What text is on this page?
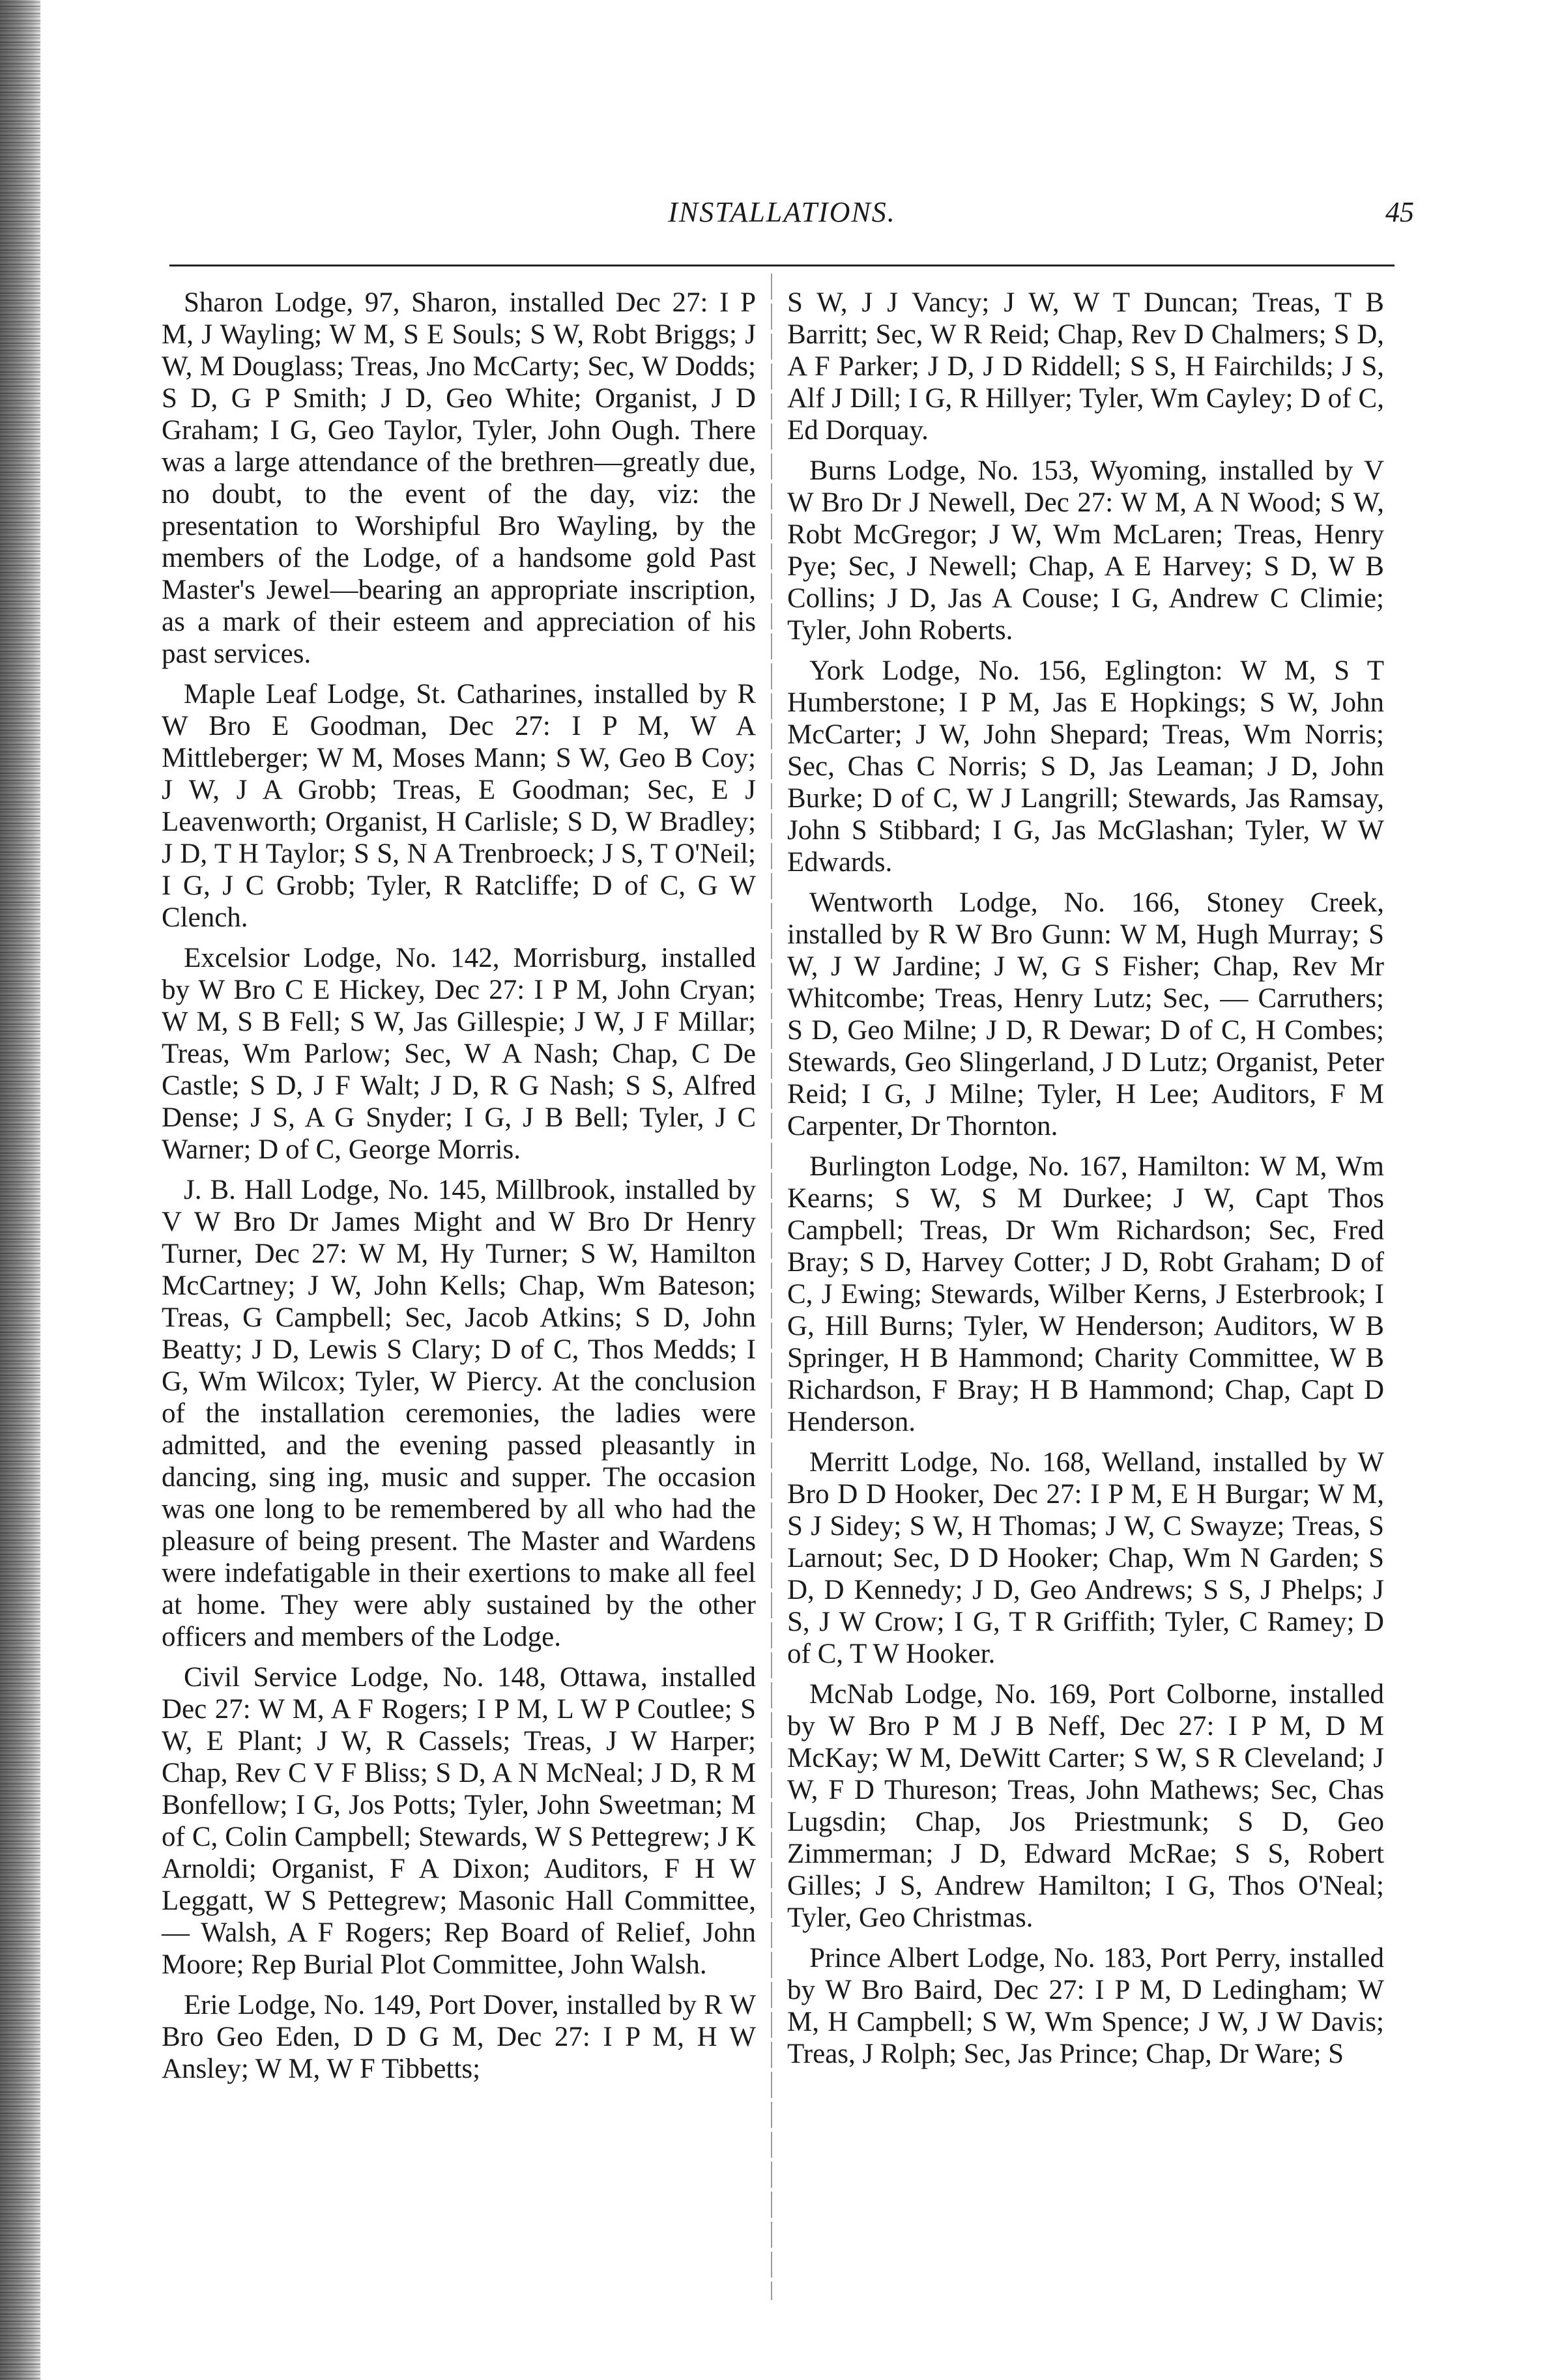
INSTALLATIONS.	45

Sharon Lodge, 97, Sharon, installed Dec 27: I P M, J Wayling; W M, S E Souls; S W, Robt Briggs; J W, M Douglass; Treas, Jno McCarty; Sec, W Dodds; S D, G P Smith; J D, Geo White; Organist, J D Graham; I G, Geo Taylor, Tyler, John Ough. There was a large attendance of the brethren—greatly due, no doubt, to the event of the day, viz: the presentation to Worshipful Bro Wayling, by the members of the Lodge, of a handsome gold Past Master's Jewel—bearing an appropriate inscription, as a mark of their esteem and appreciation of his past services.

Maple Leaf Lodge, St. Catharines, installed by R W Bro E Goodman, Dec 27: I P M, W A Mittleberger; W M, Moses Mann; S W, Geo B Coy; J W, J A Grobb; Treas, E Goodman; Sec, E J Leavenworth; Organist, H Carlisle; S D, W Bradley; J D, T H Taylor; S S, N A Trenbroeck; J S, T O'Neil; I G, J C Grobb; Tyler, R Ratcliffe; D of C, G W Clench.

Excelsior Lodge, No. 142, Morrisburg, installed by W Bro C E Hickey, Dec 27: I P M, John Cryan; W M, S B Fell; S W, Jas Gillespie; J W, J F Millar; Treas, Wm Parlow; Sec, W A Nash; Chap, C De Castle; S D, J F Walt; J D, R G Nash; S S, Alfred Dense; J S, A G Snyder; I G, J B Bell; Tyler, J C Warner; D of C, George Morris.

J. B. Hall Lodge, No. 145, Millbrook, installed by V W Bro Dr James Might and W Bro Dr Henry Turner, Dec 27: W M, Hy Turner; S W, Hamilton McCartney; J W, John Kells; Chap, Wm Bateson; Treas, G Campbell; Sec, Jacob Atkins; S D, John Beatty; J D, Lewis S Clary; D of C, Thos Medds; I G, Wm Wilcox; Tyler, W Piercy. At the conclusion of the installation ceremonies, the ladies were admitted, and the evening passed pleasantly in dancing, sing ing, music and supper. The occasion was one long to be remembered by all who had the pleasure of being present. The Master and Wardens were indefatigable in their exertions to make all feel at home. They were ably sustained by the other officers and members of the Lodge.

Civil Service Lodge, No. 148, Ottawa, installed Dec 27: W M, A F Rogers; I P M, L W P Coutlee; S W, E Plant; J W, R Cassels; Treas, J W Harper; Chap, Rev C V F Bliss; S D, A N McNeal; J D, R M Bonfellow; I G, Jos Potts; Tyler, John Sweetman; M of C, Colin Campbell; Stewards, W S Pettegrew; J K Arnoldi; Organist, F A Dixon; Auditors, F H W Leggatt, W S Pettegrew; Masonic Hall Committee, — Walsh, A F Rogers; Rep Board of Relief, John Moore; Rep Burial Plot Committee, John Walsh.

Erie Lodge, No. 149, Port Dover, installed by R W Bro Geo Eden, D D G M, Dec 27: I P M, H W Ansley; W M, W F Tibbetts;

S W, J J Vancy; J W, W T Duncan; Treas, T B Barritt; Sec, W R Reid; Chap, Rev D Chalmers; S D, A F Parker; J D, J D Riddell; S S, H Fairchilds; J S, Alf J Dill; I G, R Hillyer; Tyler, Wm Cayley; D of C, Ed Dorquay.

Burns Lodge, No. 153, Wyoming, installed by V W Bro Dr J Newell, Dec 27: W M, A N Wood; S W, Robt McGregor; J W, Wm McLaren; Treas, Henry Pye; Sec, J Newell; Chap, A E Harvey; S D, W B Collins; J D, Jas A Couse; I G, Andrew C Climie; Tyler, John Roberts.

York Lodge, No. 156, Eglington: W M, S T Humberstone; I P M, Jas E Hopkings; S W, John McCarter; J W, John Shepard; Treas, Wm Norris; Sec, Chas C Norris; S D, Jas Leaman; J D, John Burke; D of C, W J Langrill; Stewards, Jas Ramsay, John S Stibbard; I G, Jas McGlashan; Tyler, W W Edwards.

Wentworth Lodge, No. 166, Stoney Creek, installed by R W Bro Gunn: W M, Hugh Murray; S W, J W Jardine; J W, G S Fisher; Chap, Rev Mr Whitcombe; Treas, Henry Lutz; Sec, — Carruthers; S D, Geo Milne; J D, R Dewar; D of C, H Combes; Stewards, Geo Slingerland, J D Lutz; Organist, Peter Reid; I G, J Milne; Tyler, H Lee; Auditors, F M Carpenter, Dr Thornton.

Burlington Lodge, No. 167, Hamilton: W M, Wm Kearns; S W, S M Durkee; J W, Capt Thos Campbell; Treas, Dr Wm Richardson; Sec, Fred Bray; S D, Harvey Cotter; J D, Robt Graham; D of C, J Ewing; Stewards, Wilber Kerns, J Esterbrook; I G, Hill Burns; Tyler, W Henderson; Auditors, W B Springer, H B Hammond; Charity Committee, W B Richardson, F Bray; H B Hammond; Chap, Capt D Henderson.

Merritt Lodge, No. 168, Welland, installed by W Bro D D Hooker, Dec 27: I P M, E H Burgar; W M, S J Sidey; S W, H Thomas; J W, C Swayze; Treas, S Larnout; Sec, D D Hooker; Chap, Wm N Garden; S D, D Kennedy; J D, Geo Andrews; S S, J Phelps; J S, J W Crow; I G, T R Griffith; Tyler, C Ramey; D of C, T W Hooker.

McNab Lodge, No. 169, Port Colborne, installed by W Bro P M J B Neff, Dec 27: I P M, D M McKay; W M, DeWitt Carter; S W, S R Cleveland; J W, F D Thureson; Treas, John Mathews; Sec, Chas Lugsdin; Chap, Jos Priestmunk; S D, Geo Zimmerman; J D, Edward McRae; S S, Robert Gilles; J S, Andrew Hamilton; I G, Thos O'Neal; Tyler, Geo Christmas.

Prince Albert Lodge, No. 183, Port Perry, installed by W Bro Baird, Dec 27: I P M, D Ledingham; W M, H Campbell; S W, Wm Spence; J W, J W Davis; Treas, J Rolph; Sec, Jas Prince; Chap, Dr Ware; S
